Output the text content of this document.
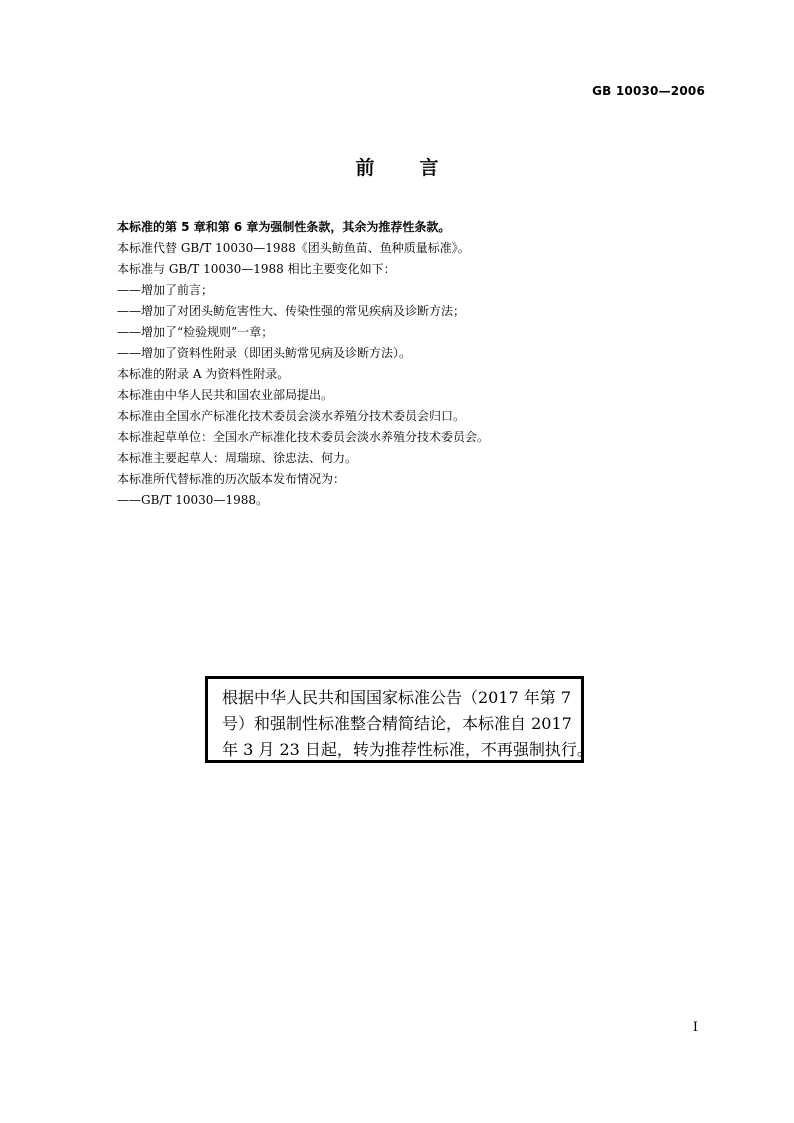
GB 10030—2006
前言
本标准的第 5 章和第 6 章为强制性条款，其余为推荐性条款。
本标准代替 GB/T 10030—1988《团头鲂鱼苗、鱼种质量标准》。
本标准与 GB/T 10030—1988 相比主要变化如下：
——增加了前言；
——增加了对团头鲂危害性大、传染性强的常见疾病及诊断方法；
——增加了“检验规则”一章；
——增加了资料性附录（即团头鲂常见病及诊断方法）。
本标准的附录 A 为资料性附录。
本标准由中华人民共和国农业部局提出。
本标准由全国水产标准化技术委员会淡水养殖分技术委员会归口。
本标准起草单位：全国水产标准化技术委员会淡水养殖分技术委员会。
本标准主要起草人：周瑞琼、徐忠法、何力。
本标准所代替标准的历次版本发布情况为：
——GB/T 10030—1988。
根据中华人民共和国国家标准公告（2017 年第 7
号）和强制性标准整合精简结论，本标准自 2017
年 3 月 23 日起，转为推荐性标准，不再强制执行。
I
